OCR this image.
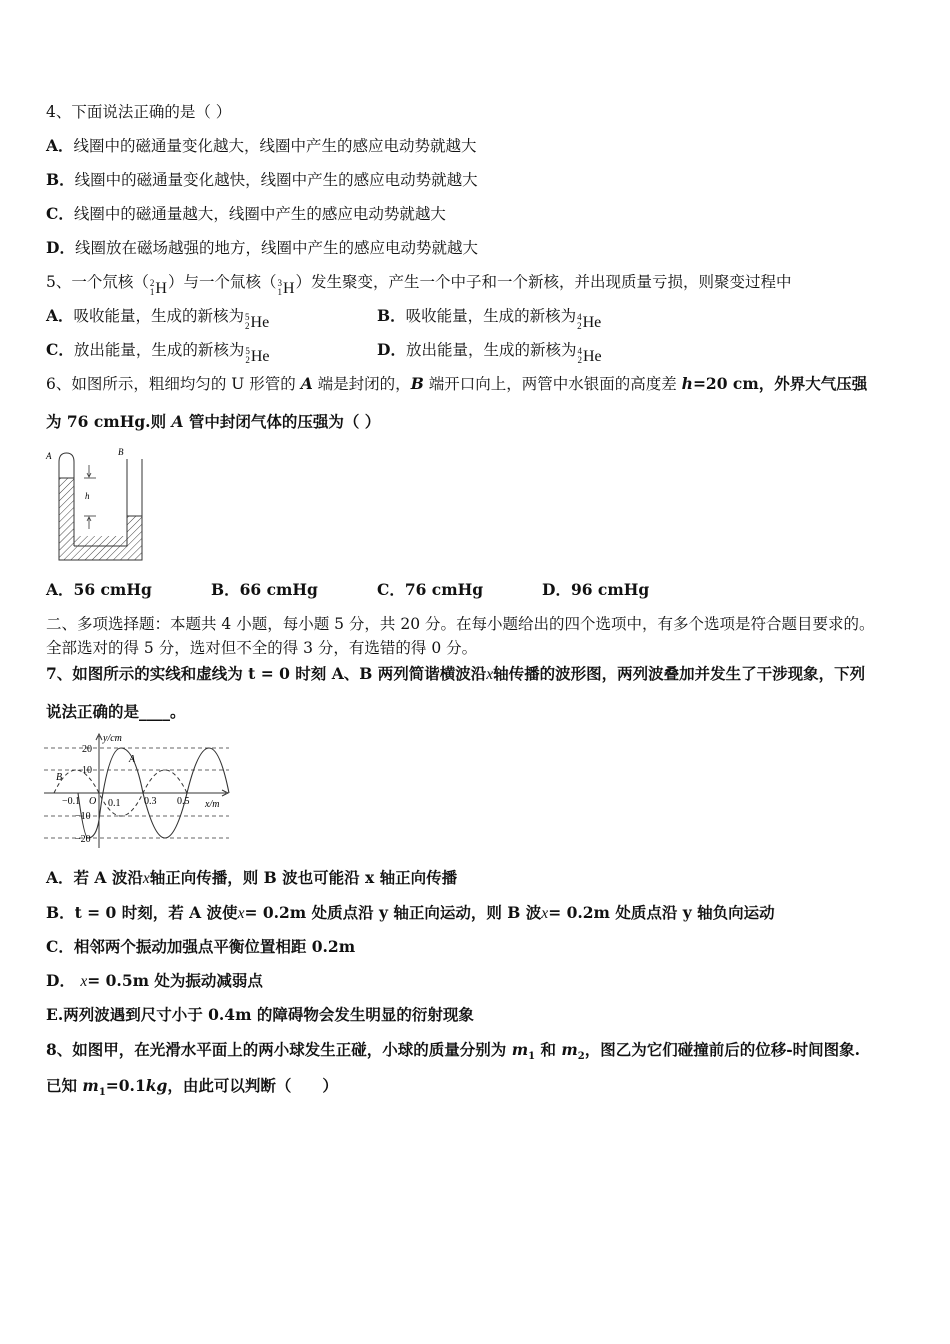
4、下面说法正确的是（ ）
A．线圈中的磁通量变化越大，线圈中产生的感应电动势就越大
B．线圈中的磁通量变化越快，线圈中产生的感应电动势就越大
C．线圈中的磁通量越大，线圈中产生的感应电动势就越大
D．线圈放在磁场越强的地方，线圈中产生的感应电动势就越大
5、一个氘核（ 2
1 H ）与一个氚核（ 3
1 H ）发生聚变，产生一个中子和一个新核，并出现质量亏损，则聚变过程中
A．吸收能量，生成的新核为 5
2 He	B．吸收能量，生成的新核为 4
2 He
C．放出能量，生成的新核为 5
2 He	D．放出能量，生成的新核为 4
2 He
6、如图所示，粗细均匀的 U 形管的 A 端是封闭的，B 端开口向上，两管中水银面的高度差 h=20 cm，外界大气压强
为 76 cmHg.则 A 管中封闭气体的压强为（ ）
h
A	B
A．56 cmHg	B．66 cmHg	C．76 cmHg	D．96 cmHg
二、多项选择题：本题共 4 小题，每小题 5 分，共 20 分。在每小题给出的四个选项中，有多个选项是符合题目要求的。
全部选对的得 5 分，选对但不全的得 3 分，有选错的得 0 分。
7、如图所示的实线和虚线为 t = 0 时刻 A、B 两列简谐横波沿x轴传播的波形图，两列波叠加并发生了干涉现象，下列
说法正确的是____。
y/cm
x/m
20
10
−10
−20
−0.1 O 0.1 0.3 0.5
A
B
A．若 A 波沿x轴正向传播，则 B 波也可能沿 x 轴正向传播
B．t = 0 时刻，若 A 波使x= 0.2m 处质点沿 y 轴正向运动，则 B 波x= 0.2m 处质点沿 y 轴负向运动
C．相邻两个振动加强点平衡位置相距 0.2m
D． x= 0.5m 处为振动减弱点
E.两列波遇到尺寸小于 0.4m 的障碍物会发生明显的衍射现象
8、如图甲，在光滑水平面上的两小球发生正碰，小球的质量分别为 $m_1$ 和 $m_2$，图乙为它们碰撞前后的位移-时间图象.
已知 $m_1=0.1kg$，由此可以判断（　　）
